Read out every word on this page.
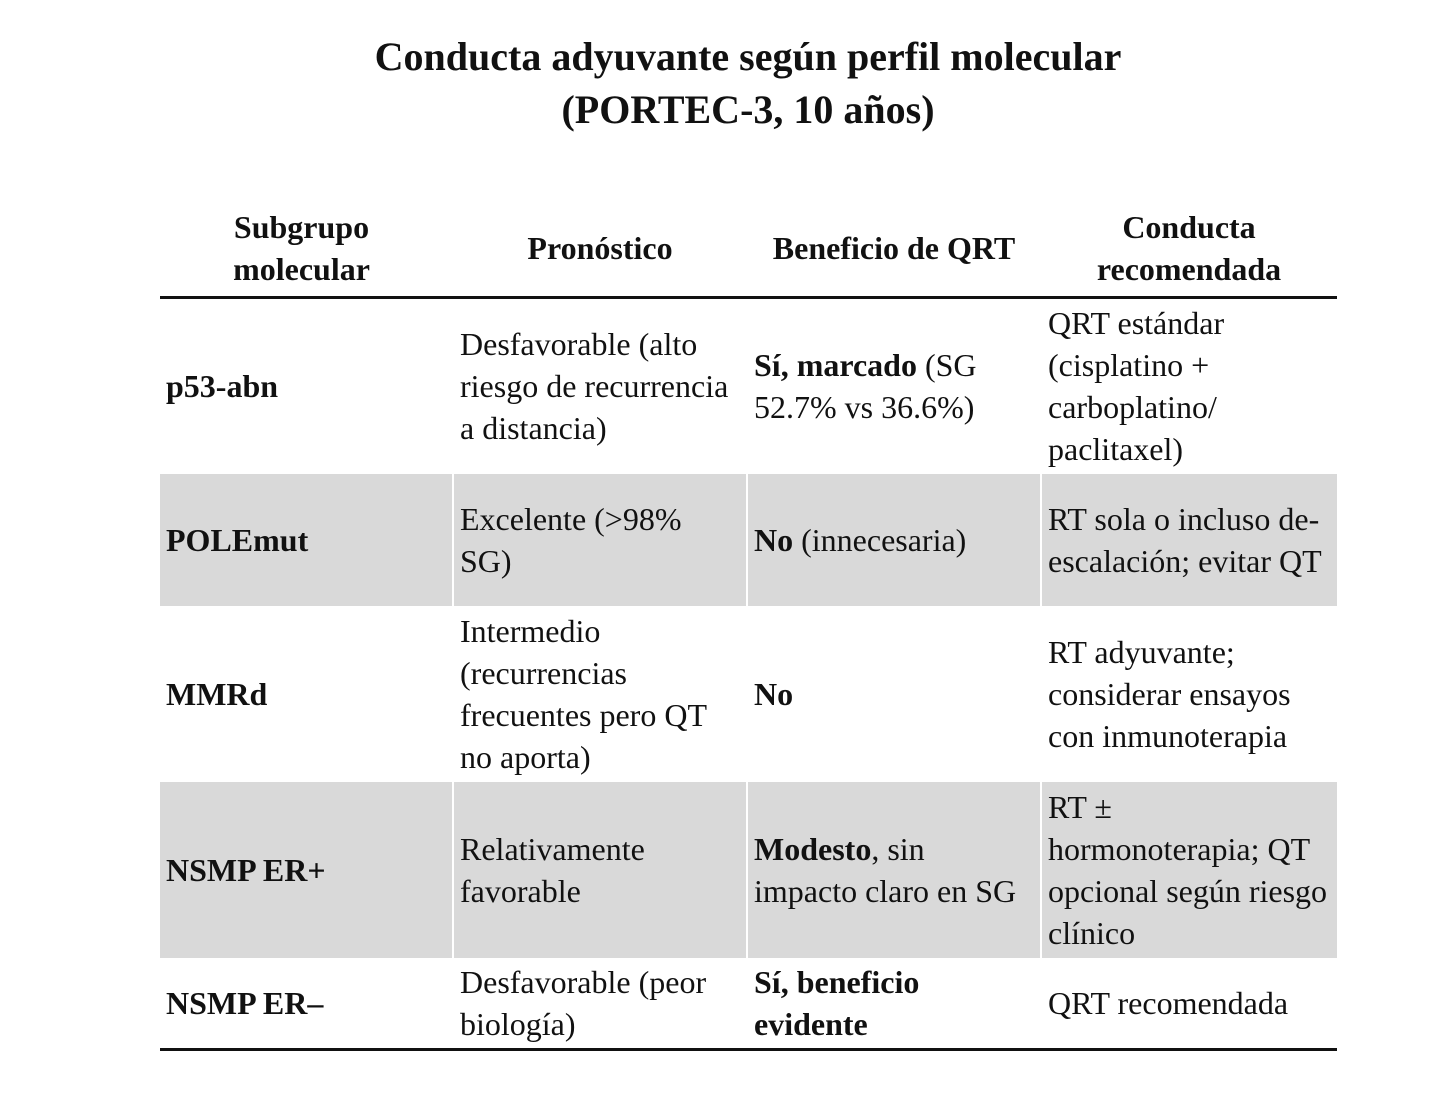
Conducta adyuvante según perfil molecular
(PORTEC-3, 10 años)
Subgrupo molecular	Pronóstico	Beneficio de QRT	Conducta recomendada
p53-abn	Desfavorable (alto riesgo de recurrencia a distancia)	Sí, marcado (SG 52.7% vs 36.6%)	QRT estándar (cisplatino + carboplatino/ paclitaxel)
POLEmut	Excelente (>98% SG)	No (innecesaria)	RT sola o incluso de-escalación; evitar QT
MMRd	Intermedio (recurrencias frecuentes pero QT no aporta)	No	RT adyuvante; considerar ensayos con inmunoterapia
NSMP ER+	Relativamente favorable	Modesto, sin impacto claro en SG	RT ± hormonoterapia; QT opcional según riesgo clínico
NSMP ER–	Desfavorable (peor biología)	Sí, beneficio evidente	QRT recomendada
